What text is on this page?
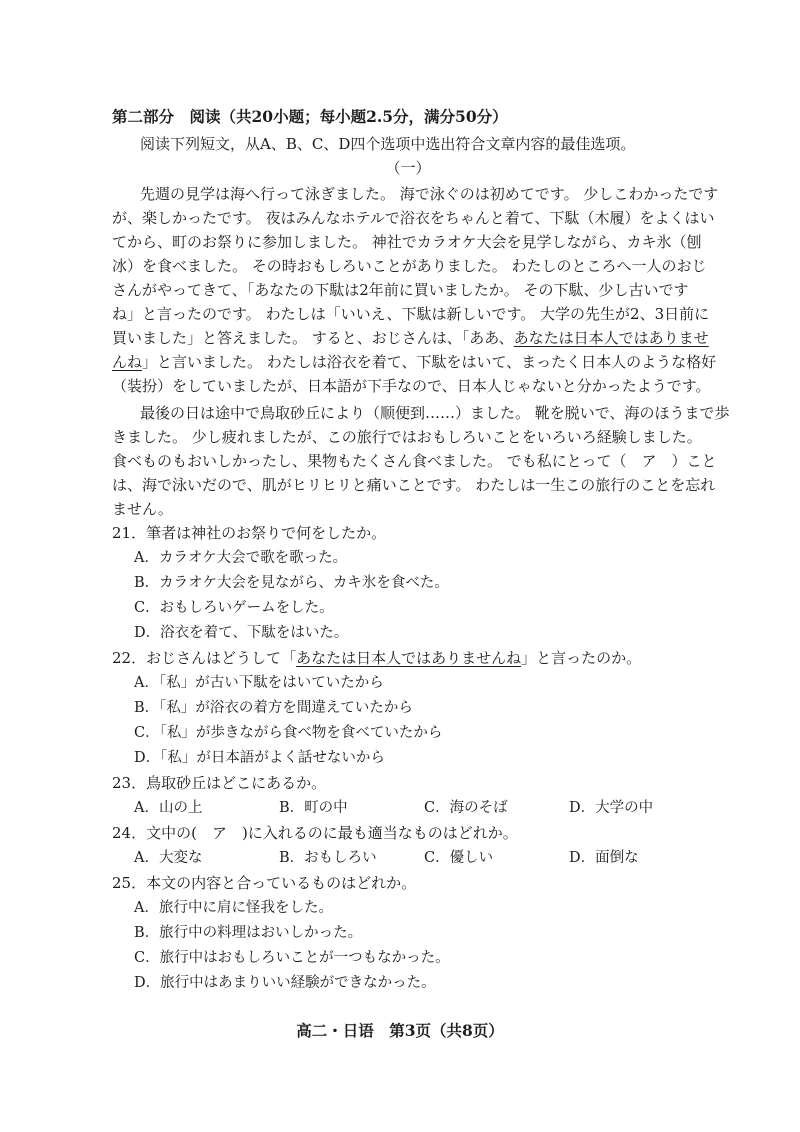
第二部分　阅读（共20小题；每小题2.5分，满分50分）
阅读下列短文，从A、B、C、D四个选项中选出符合文章内容的最佳选项。
（一）
先週の見学は海へ行って泳ぎました。 海で泳ぐのは初めてです。 少しこわかったです
が、楽しかったです。 夜はみんなホテルで浴衣をちゃんと着て、下駄（木履）をよくはい
てから、町のお祭りに参加しました。 神社でカラオケ大会を見学しながら、カキ氷（刨
冰）を食べました。 その時おもしろいことがありました。 わたしのところへ一人のおじ
さんがやってきて、「あなたの下駄は2年前に買いましたか。 その下駄、少し古いです
ね」と言ったのです。 わたしは「いいえ、下駄は新しいです。 大学の先生が2、3日前に
買いました」と答えました。 すると、おじさんは、「ああ、あなたは日本人ではありませ
んね」と言いました。 わたしは浴衣を着て、下駄をはいて、まったく日本人のような格好
（装扮）をしていましたが、日本語が下手なので、日本人じゃないと分かったようです。
最後の日は途中で鳥取砂丘により（顺便到……）ました。 靴を脱いで、海のほうまで歩
きました。 少し疲れましたが、この旅行ではおもしろいことをいろいろ経験しました。
食べものもおいしかったし、果物もたくさん食べました。 でも私にとって（　ア　）こと
は、海で泳いだので、肌がヒリヒリと痛いことです。 わたしは一生この旅行のことを忘れ
ません。
21．筆者は神社のお祭りで何をしたか。
A．カラオケ大会で歌を歌った。
B．カラオケ大会を見ながら、カキ氷を食べた。
C．おもしろいゲームをした。
D．浴衣を着て、下駄をはいた。
22．おじさんはどうして「あなたは日本人ではありませんね」と言ったのか。
A．「私」が古い下駄をはいていたから
B．「私」が浴衣の着方を間違えていたから
C．「私」が歩きながら食べ物を食べていたから
D．「私」が日本語がよく話せないから
23．鳥取砂丘はどこにあるか。
A．山の上	B．町の中	C．海のそば	D．大学の中
24．文中の(　ア　)に入れるのに最も適当なものはどれか。
A．大変な	B．おもしろい	C．優しい	D．面倒な
25．本文の内容と合っているものはどれか。
A．旅行中に肩に怪我をした。
B．旅行中の料理はおいしかった。
C．旅行中はおもしろいことが一つもなかった。
D．旅行中はあまりいい経験ができなかった。
高二・日语　第3页（共8页）
